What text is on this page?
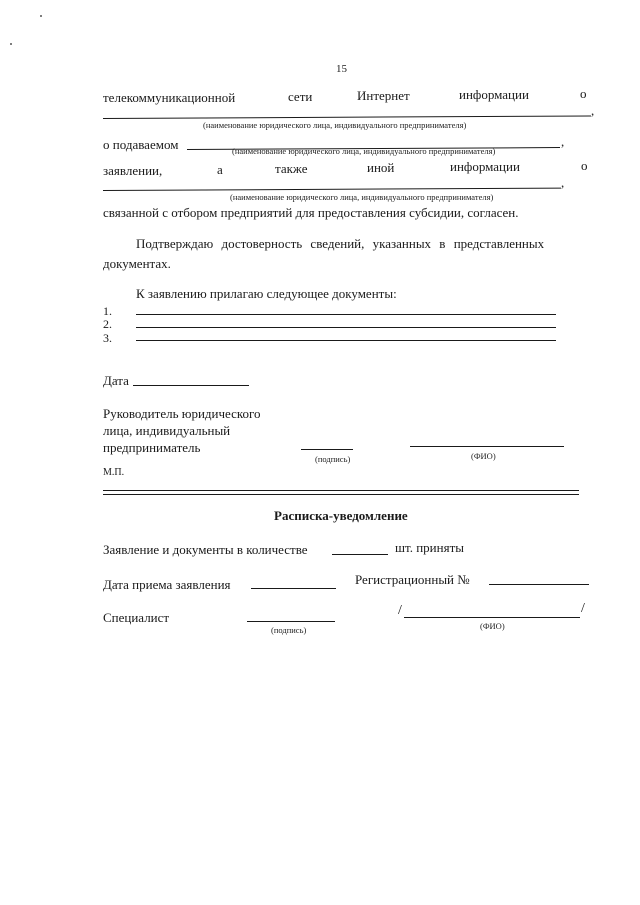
15
телекоммуникационной	сети	Интернет	информации	о
,
(наименование юридического лица, индивидуального предпринимателя)
о подаваемом	,
(наименование юридического лица, индивидуального предпринимателя)
заявлении,	а	также	иной	информации	о
,
(наименование юридического лица, индивидуального предпринимателя)
связанной с отбором предприятий для предоставления субсидии, согласен.
Подтверждаю достоверность сведений, указанных в представленных
документах.
К заявлению прилагаю следующее документы:
1.
2.
3.
Дата
Руководитель юридического
лица, индивидуальный
предприниматель
(подпись)	(ФИО)
М.П.
Расписка-уведомление
Заявление и документы в количестве	шт. приняты
Дата приема заявления	Регистрационный №
Специалист
(подпись)
/	/
(ФИО)
